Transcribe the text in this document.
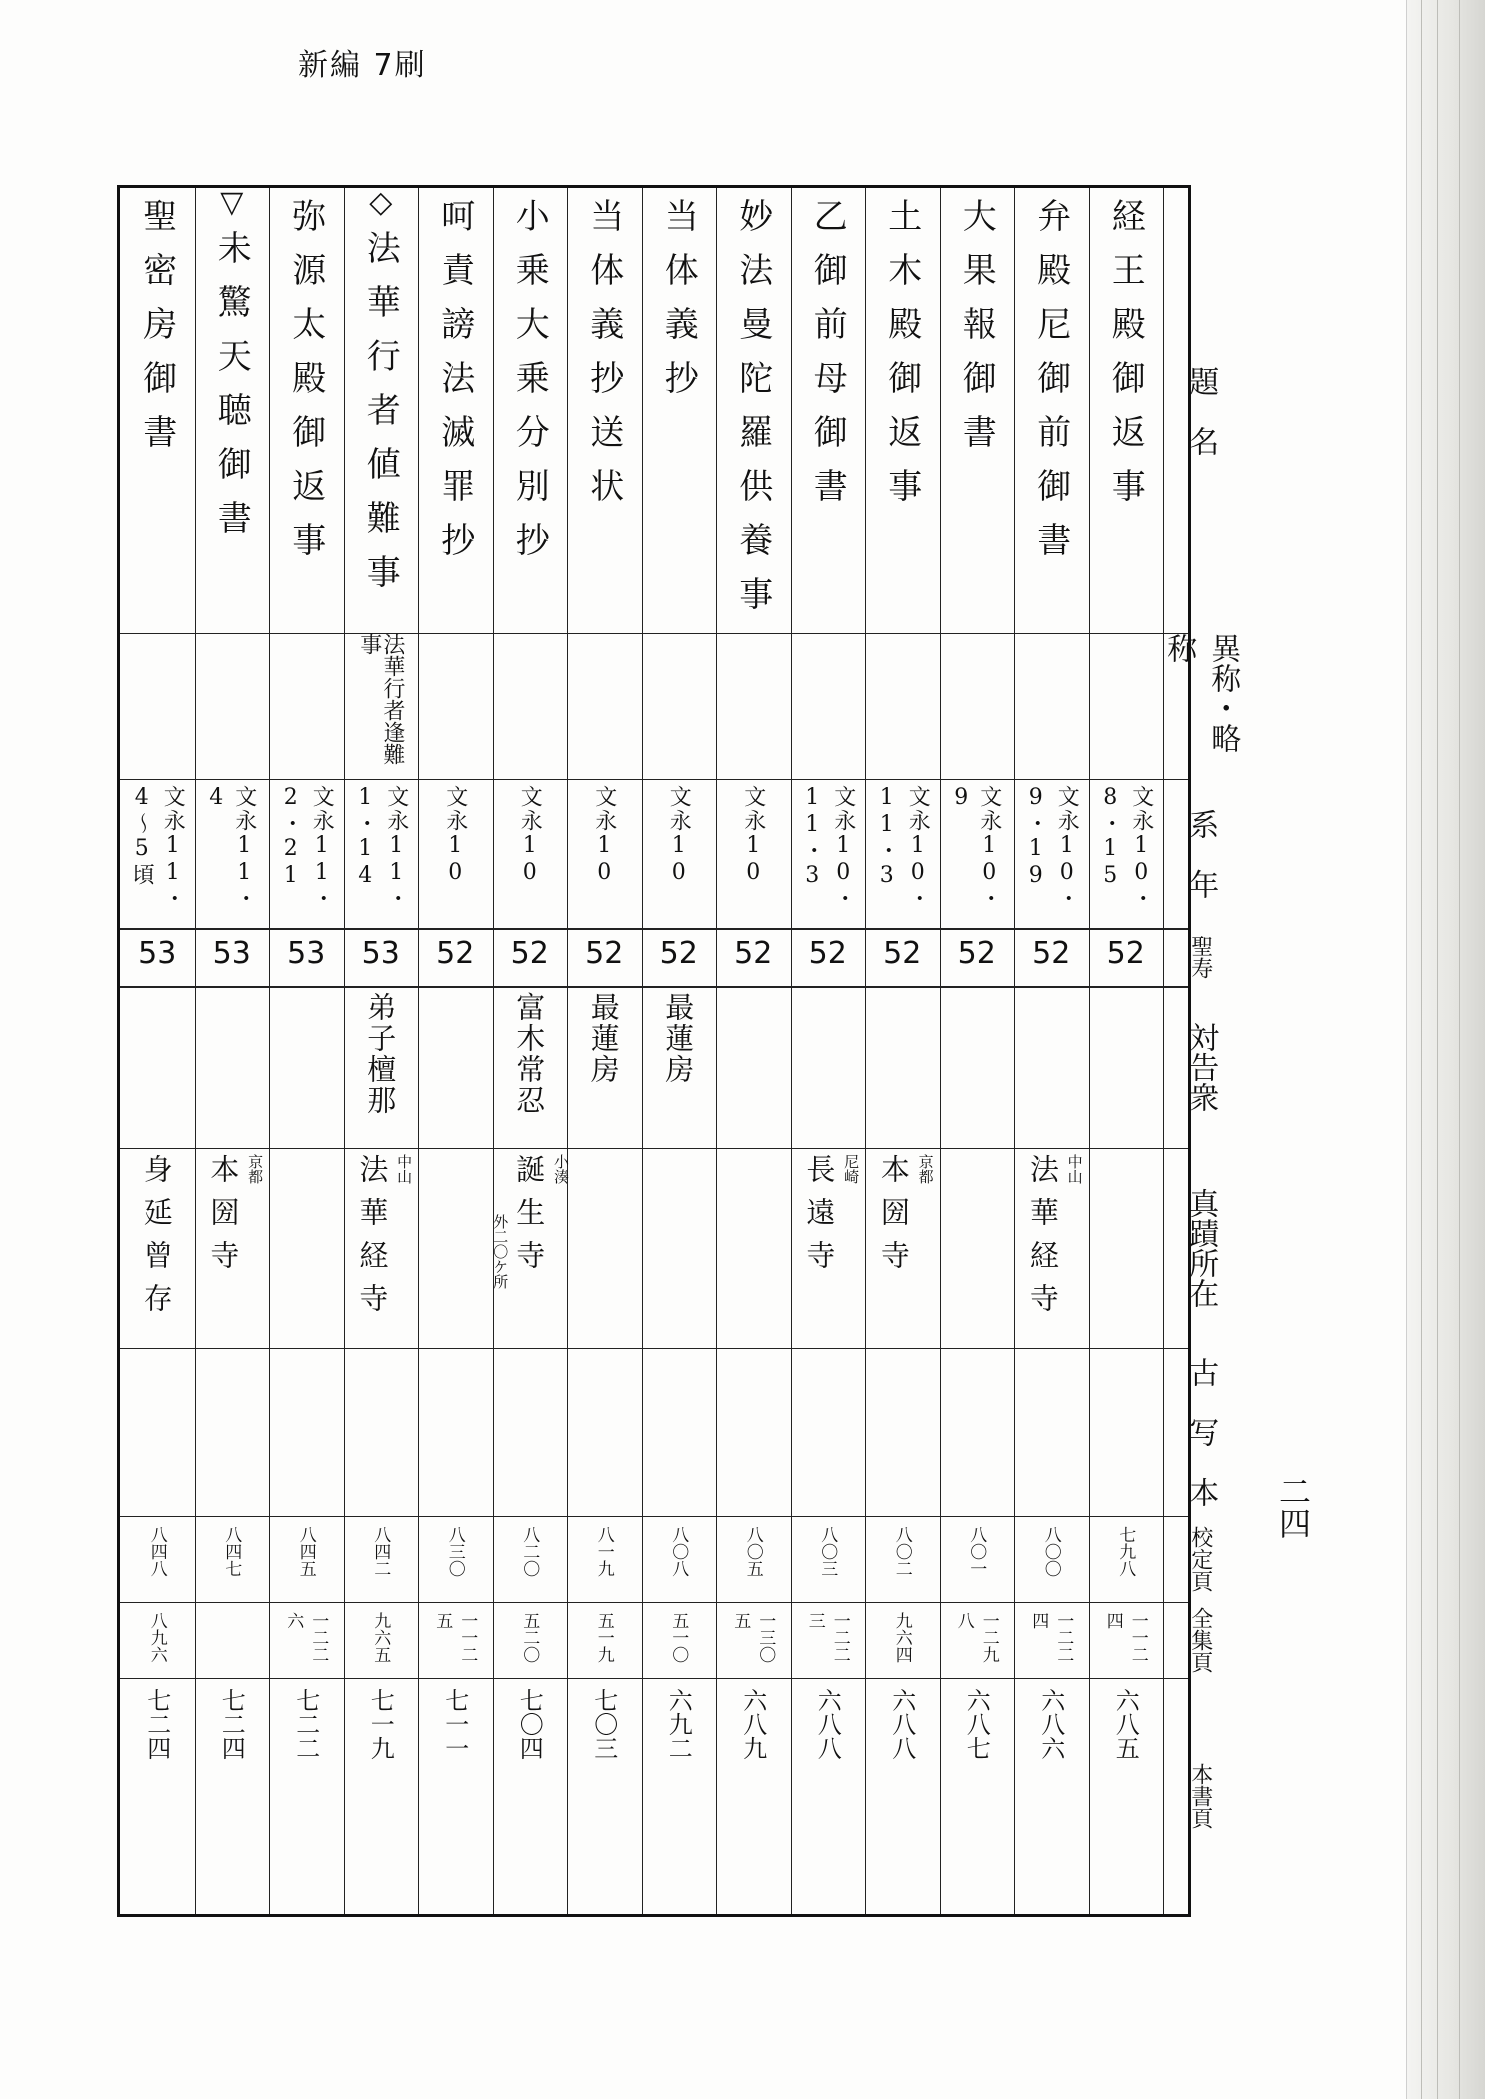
新編 7刷
二四
題　名
異称・略称
系　年
聖寿
対告衆
真蹟所在
古　写　本
校定頁
全集頁
本書頁
経王殿御返事
文永10・8・15
52
七九八
一一二四
六八五
弁殿尼御前御書
文永10・9・19
52
中山
法華経寺
八〇〇
一二二四
六八六
大果報御書
文永10・9
52
八〇一
一二九八
六八七
土木殿御返事
文永10・11・3
52
京都
本圀寺
八〇二
九六四
六八八
乙御前母御書
文永10・11・3
52
尼崎
長遠寺
八〇三
一二二三
六八八
妙法曼陀羅供養事
文永10
52
八〇五
一三〇五
六八九
当体義抄
文永10
52
最蓮房
八〇八
五一〇
六九二
当体義抄送状
文永10
52
最蓮房
八一九
五一九
七〇三
小乗大乗分別抄
文永10
52
富木常忍
小湊
誕生寺
外二〇ケ所
八二〇
五二〇
七〇四
呵責謗法滅罪抄
文永10
52
八三〇
一一二五
七一一
◇
法華行者値難事
法華行者逢難事
文永11・1・14
53
弟子檀那
中山
法華経寺
八四二
九六五
七一九
弥源太殿御返事
文永11・2・21
53
八四五
一二二六
七二二
▽
未驚天聴御書
文永11・4
53
京都
本圀寺
八四七
七二四
聖密房御書
文永11・4～5頃
53
身延曾存
八四八
八九六
七二四
